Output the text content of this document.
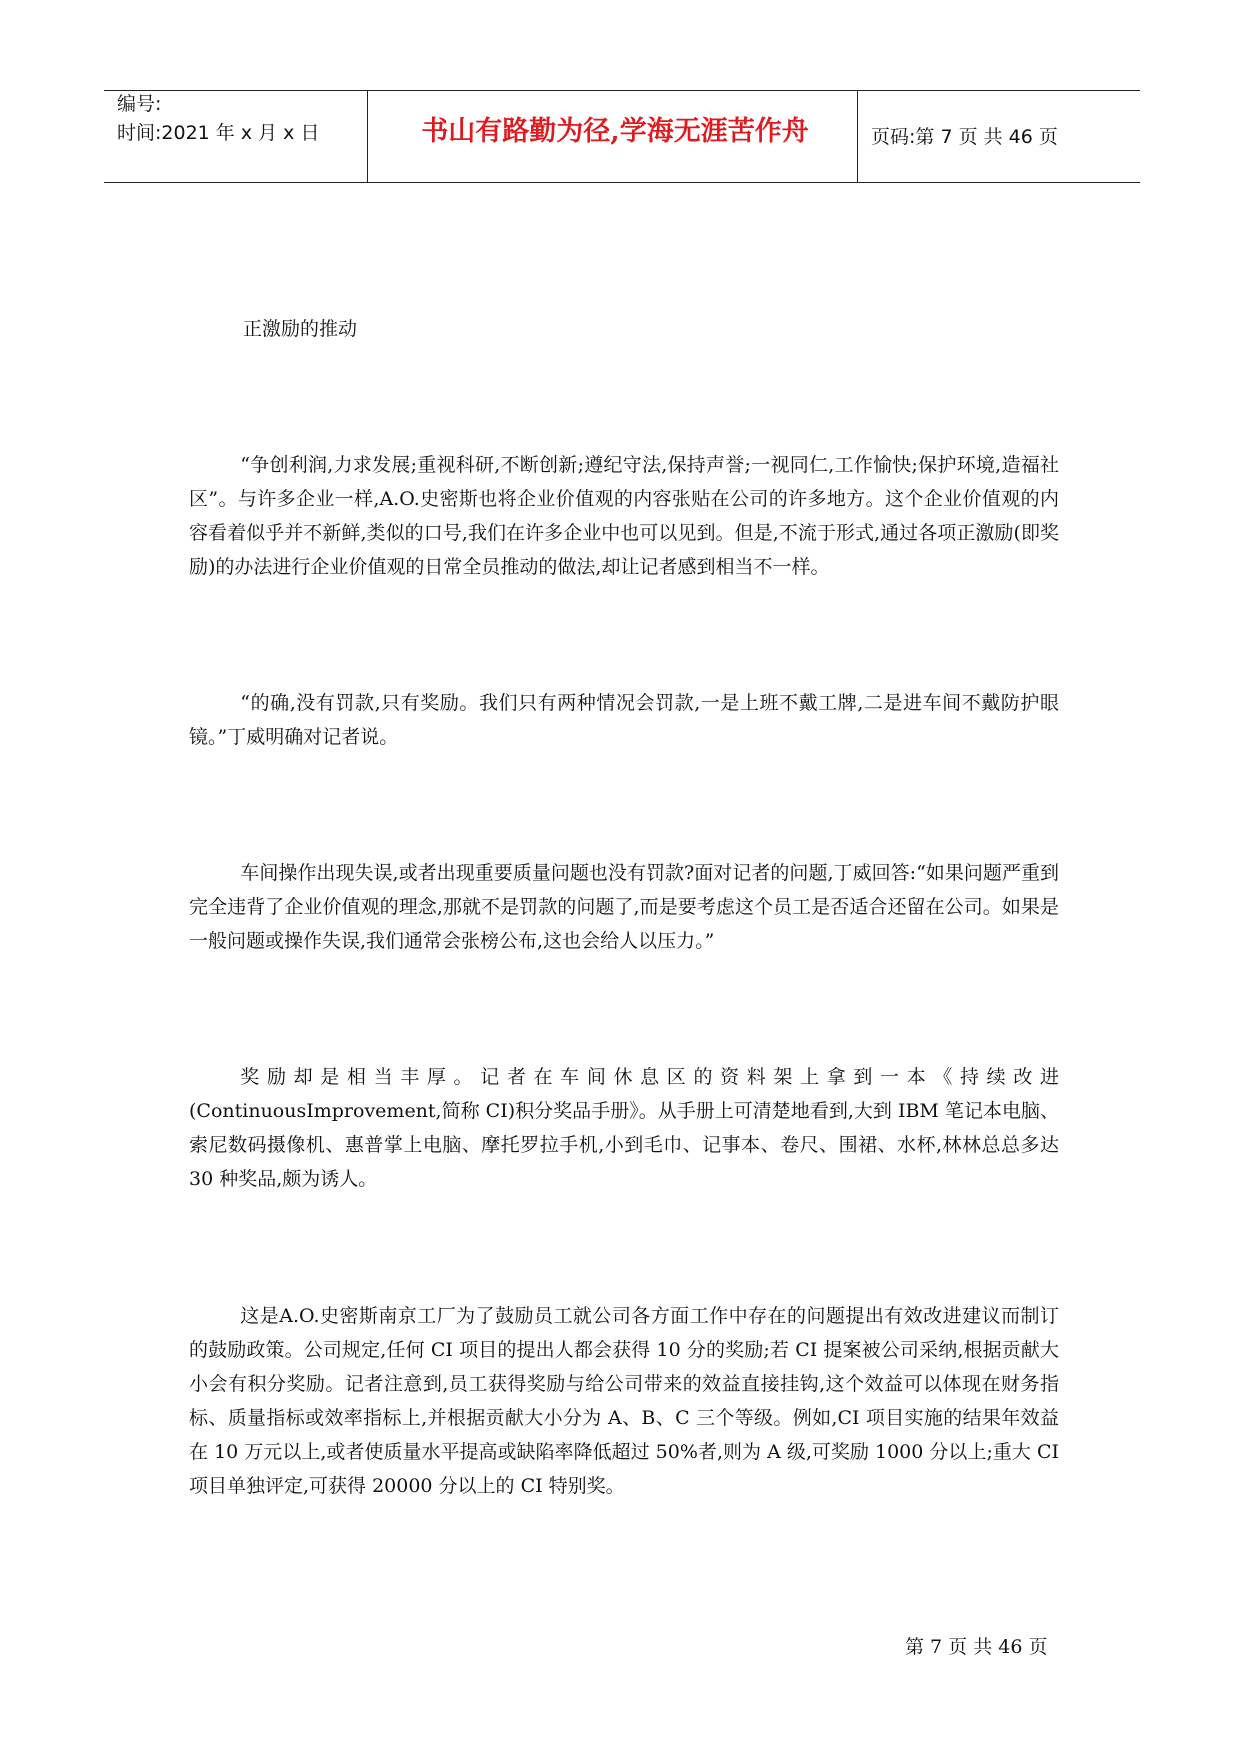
编号:
时间:2021 年 x 月 x 日	书山有路勤为径,学海无涯苦作舟	页码:第 7 页 共 46 页
正激励的推动

“争创利润,力求发展;重视科研,不断创新;遵纪守法,保持声誉;一视同仁,工作愉快;保护环境,造福社区”。与许多企业一样,A.O.史密斯也将企业价值观的内容张贴在公司的许多地方。这个企业价值观的内容看着似乎并不新鲜,类似的口号,我们在许多企业中也可以见到。但是,不流于形式,通过各项正激励(即奖励)的办法进行企业价值观的日常全员推动的做法,却让记者感到相当不一样。

“的确,没有罚款,只有奖励。我们只有两种情况会罚款,一是上班不戴工牌,二是进车间不戴防护眼镜。”丁威明确对记者说。

车间操作出现失误,或者出现重要质量问题也没有罚款?面对记者的问题,丁威回答:“如果问题严重到完全违背了企业价值观的理念,那就不是罚款的问题了,而是要考虑这个员工是否适合还留在公司。如果是一般问题或操作失误,我们通常会张榜公布,这也会给人以压力。”

奖励却是相当丰厚。记者在车间休息区的资料架上拿到一本《持续改进(ContinuousImprovement,简称 CI)积分奖品手册》。从手册上可清楚地看到,大到 IBM 笔记本电脑、索尼数码摄像机、惠普掌上电脑、摩托罗拉手机,小到毛巾、记事本、卷尺、围裙、水杯,林林总总多达 30 种奖品,颇为诱人。

这是A.O.史密斯南京工厂为了鼓励员工就公司各方面工作中存在的问题提出有效改进建议而制订的鼓励政策。公司规定,任何 CI 项目的提出人都会获得 10 分的奖励;若 CI 提案被公司采纳,根据贡献大小会有积分奖励。记者注意到,员工获得奖励与给公司带来的效益直接挂钩,这个效益可以体现在财务指标、质量指标或效率指标上,并根据贡献大小分为 A、B、C 三个等级。例如,CI 项目实施的结果年效益在 10 万元以上,或者使质量水平提高或缺陷率降低超过 50%者,则为 A 级,可奖励 1000 分以上;重大 CI 项目单独评定,可获得 20000 分以上的 CI 特别奖。

第 7 页 共 46 页
